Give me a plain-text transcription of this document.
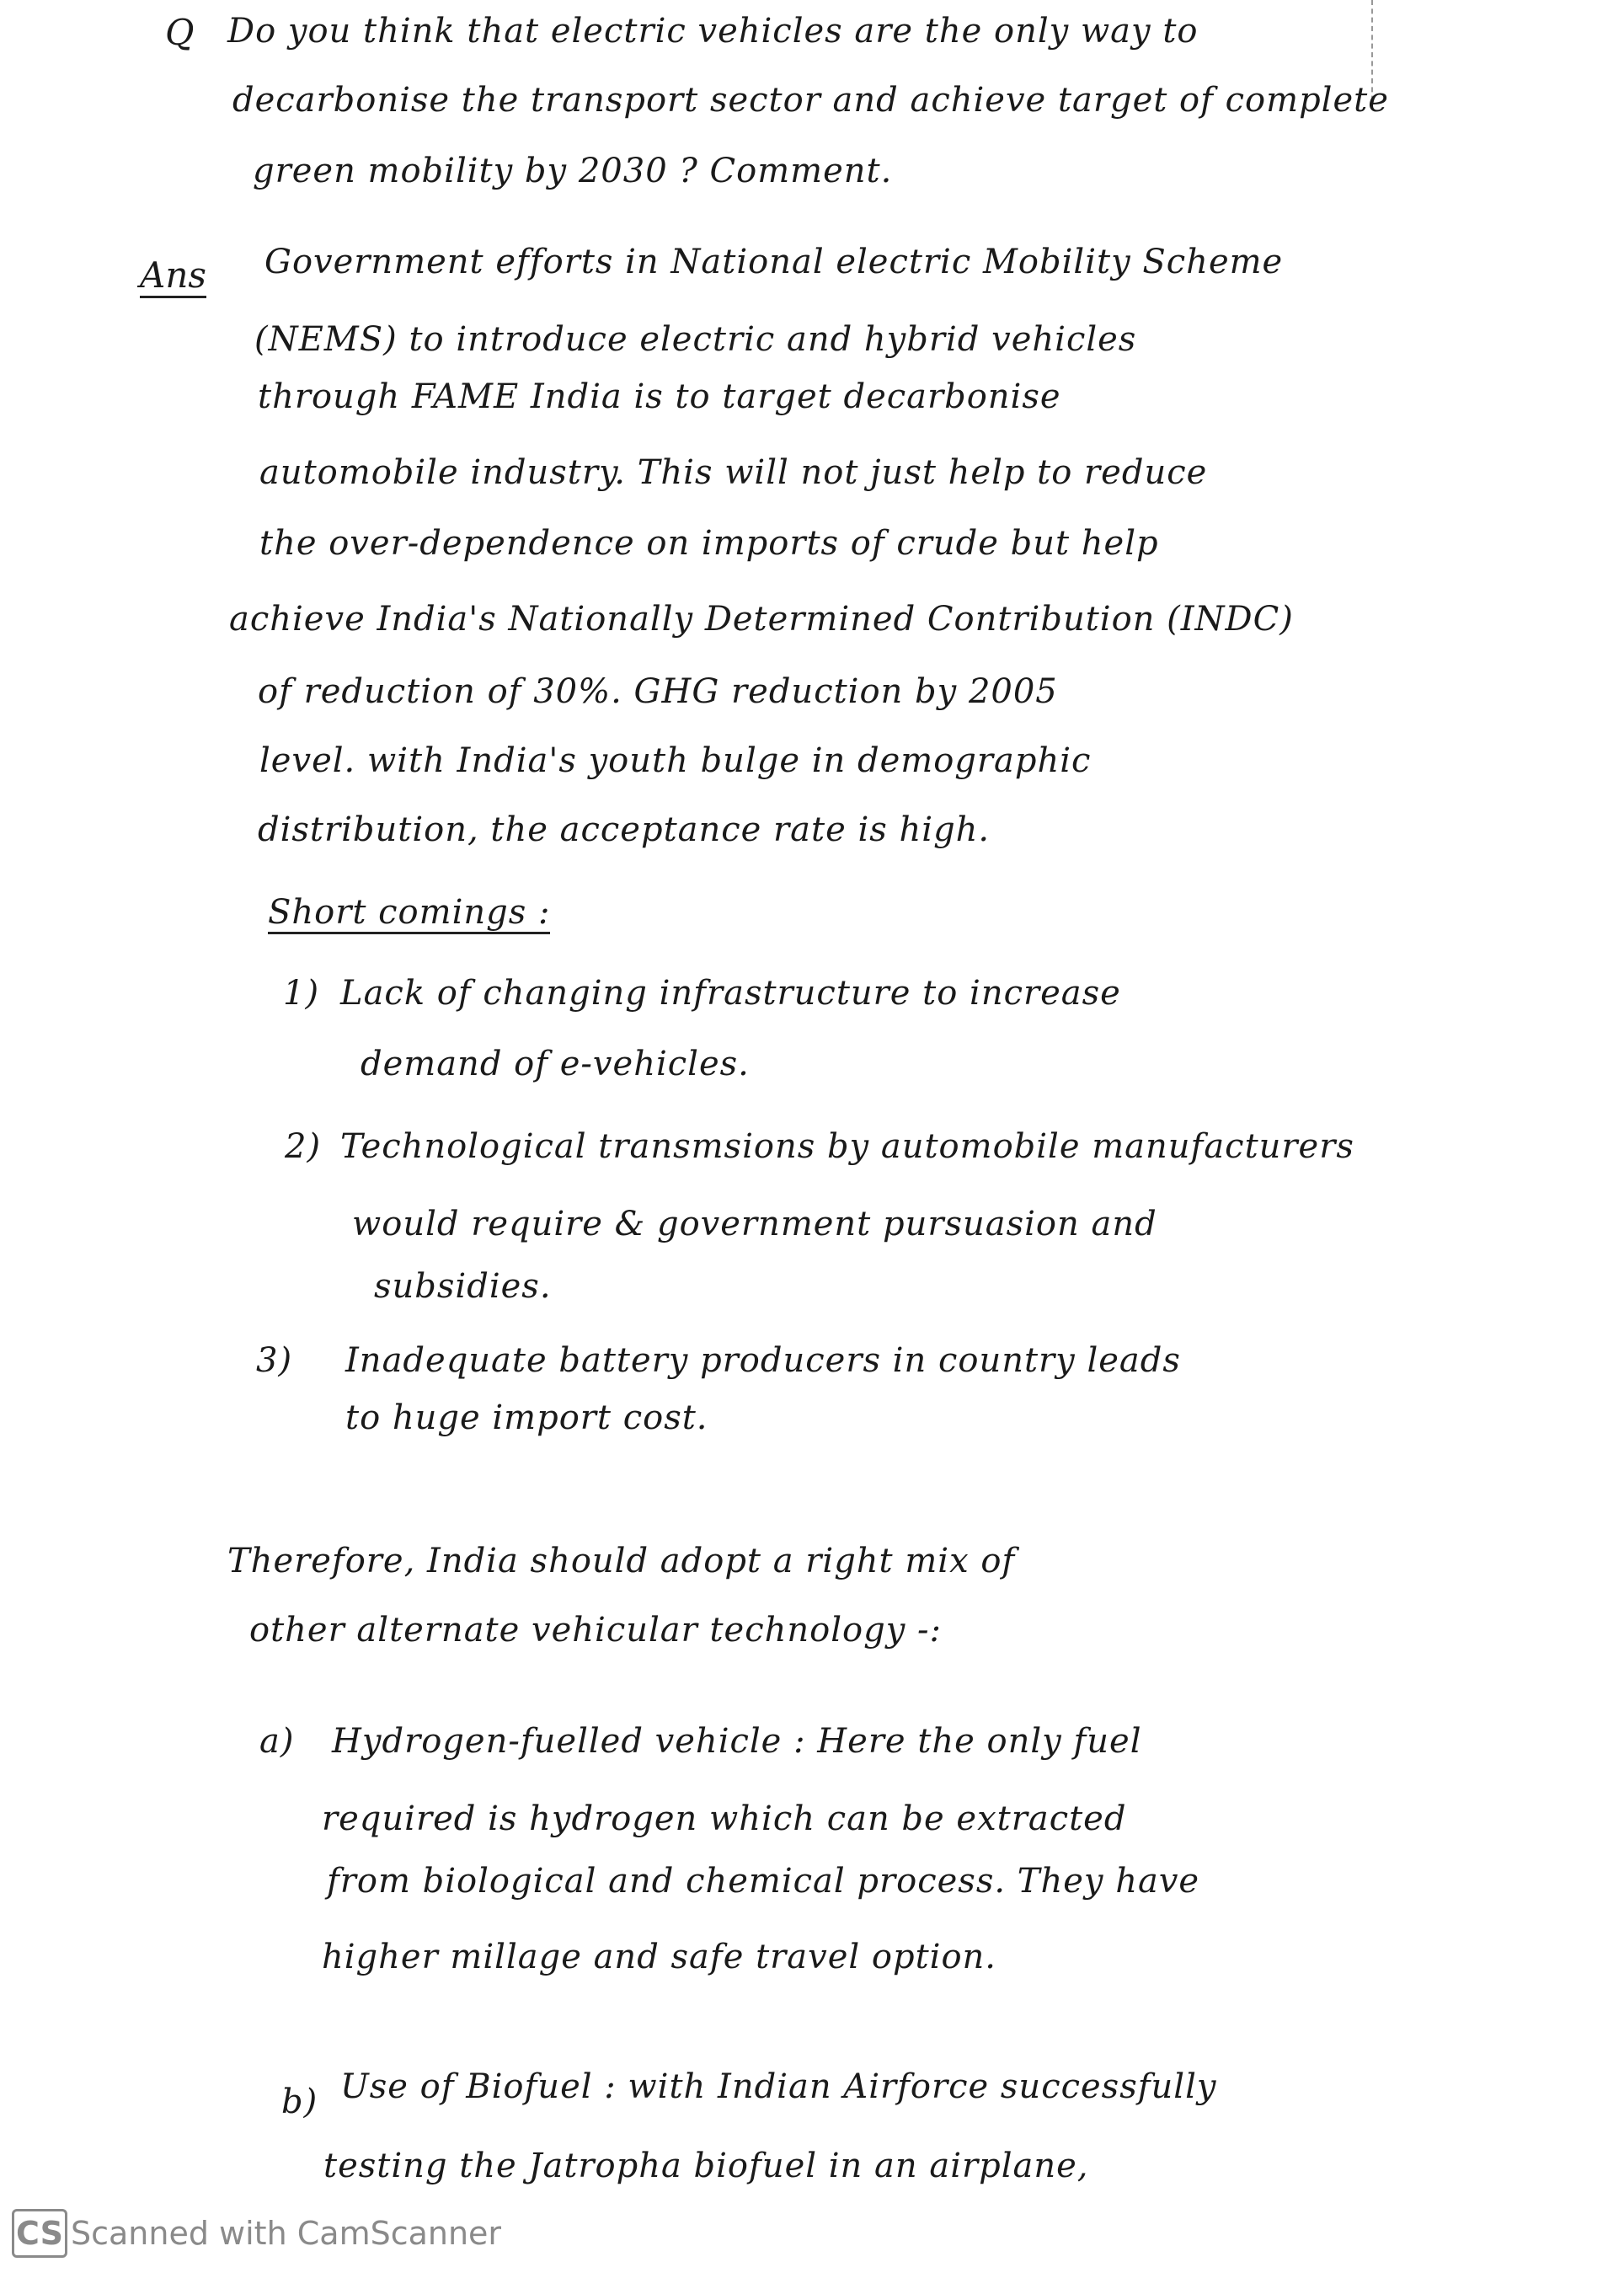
Q Do you think that electric vehicles are the only way to
decarbonise the transport sector and achieve target of complete
green mobility by 2030 ? Comment.
Ans Government efforts in National electric Mobility Scheme
(NEMS) to introduce electric and hybrid vehicles
through FAME India is to target decarbonise
automobile industry. This will not just help to reduce
the over-dependence on imports of crude but help
achieve India's Nationally Determined Contribution (INDC)
of reduction of 30%. GHG reduction by 2005
level. with India's youth bulge in demographic
distribution, the acceptance rate is high.
Short comings :
1) Lack of changing infrastructure to increase
demand of e-vehicles.
2) Technological transmsions by automobile manufacturers
would require & government pursuasion and
subsidies.
3) Inadequate battery producers in country leads
to huge import cost.
Therefore, India should adopt a right mix of
other alternate vehicular technology -:
a) Hydrogen-fuelled vehicle : Here the only fuel
required is hydrogen which can be extracted
from biological and chemical process. They have
higher millage and safe travel option.
b) Use of Biofuel : with Indian Airforce successfully
testing the Jatropha biofuel in an airplane,
CS Scanned with CamScanner
